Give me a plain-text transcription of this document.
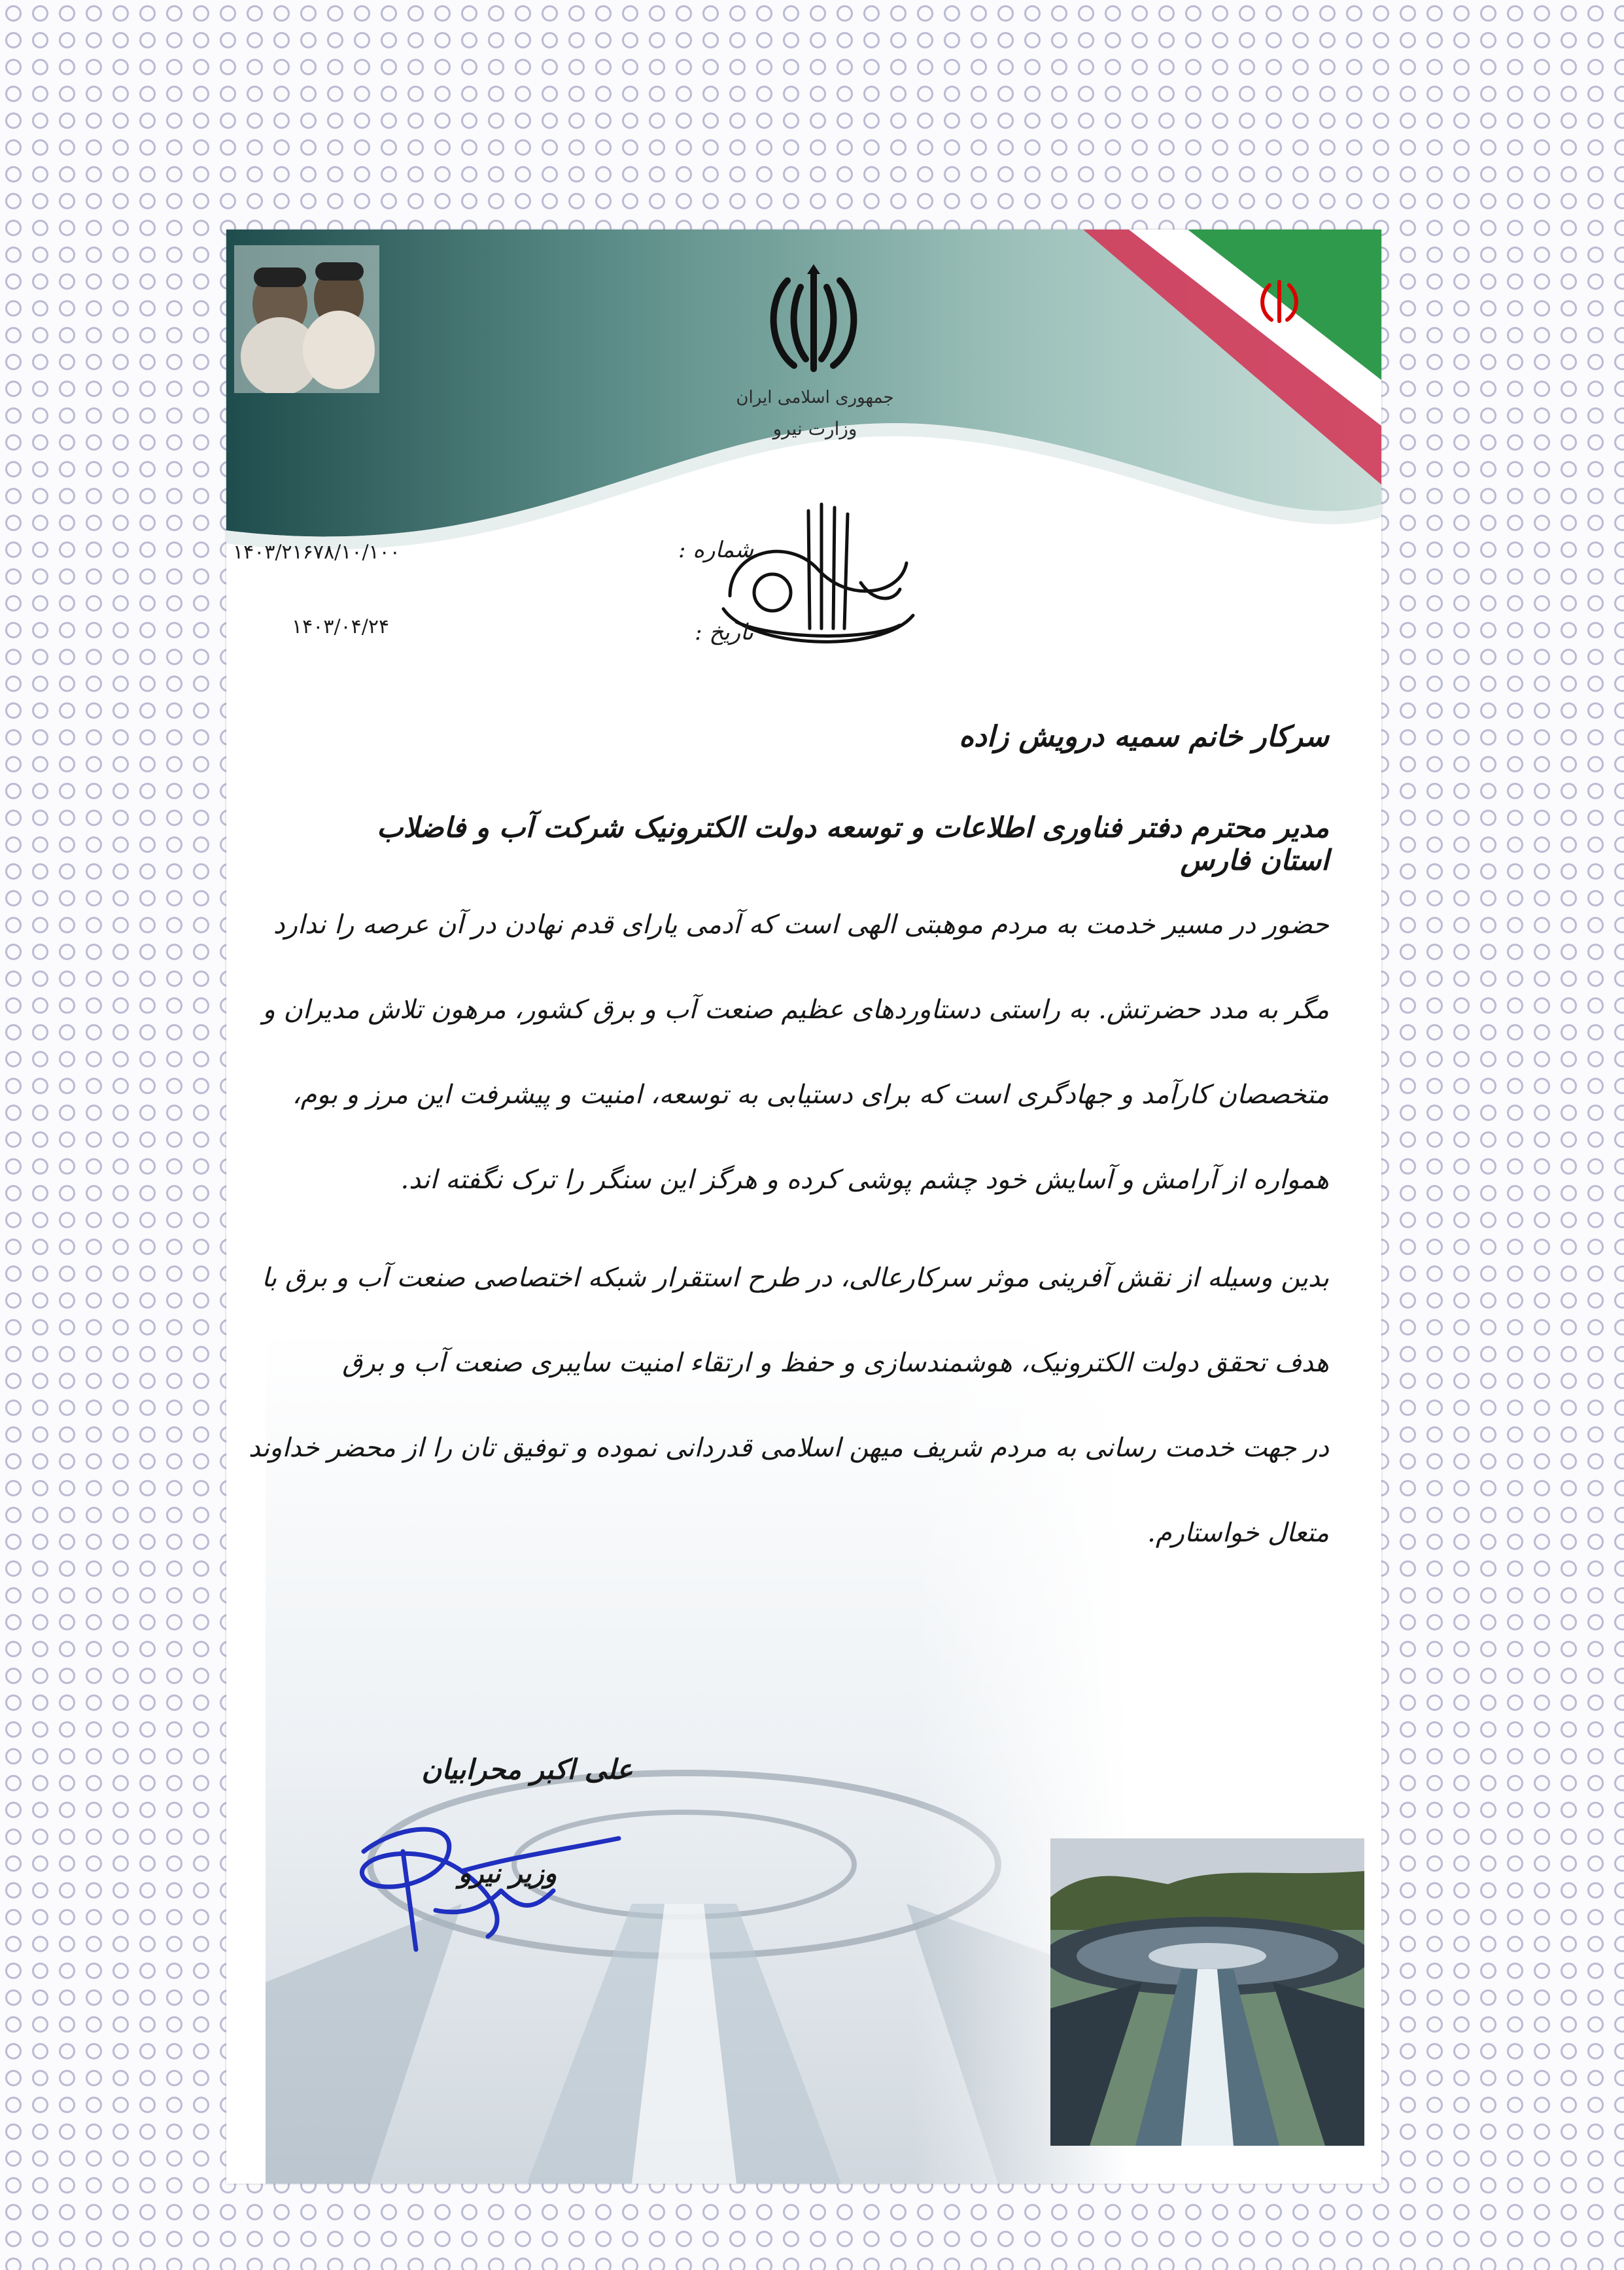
جمهوری اسلامی ایران
وزارت نیرو
شماره :
۱۴۰۳/۲۱۶۷۸/۱۰/۱۰۰
تاریخ :
۱۴۰۳/۰۴/۲۴
سرکار خانم سمیه درویش زاده
مدیر محترم دفتر فناوری اطلاعات و توسعه دولت الکترونیک شرکت آب و فاضلاب استان فارس
حضور در مسیر خدمت به مردم موهبتی الهی است که آدمی یارای قدم نهادن در آن عرصه را ندارد
مگر به مدد حضرتش. به راستی دستاوردهای عظیم صنعت آب و برق کشور، مرهون تلاش مدیران و
متخصصان کارآمد و جهادگری است که برای دستیابی به توسعه، امنیت و پیشرفت این مرز و بوم،
همواره از آرامش و آسایش خود چشم پوشی کرده و هرگز این سنگر را ترک نگفته اند.
بدین وسیله از نقش آفرینی موثر سرکارعالی، در طرح استقرار شبکه اختصاصی صنعت آب و برق با
هدف تحقق دولت الکترونیک، هوشمندسازی و حفظ و ارتقاء امنیت سایبری صنعت آب و برق
در جهت خدمت رسانی به مردم شریف میهن اسلامی قدردانی نموده و توفیق تان را از محضر خداوند
متعال خواستارم.
علی اکبر محرابیان
وزیر نیرو
